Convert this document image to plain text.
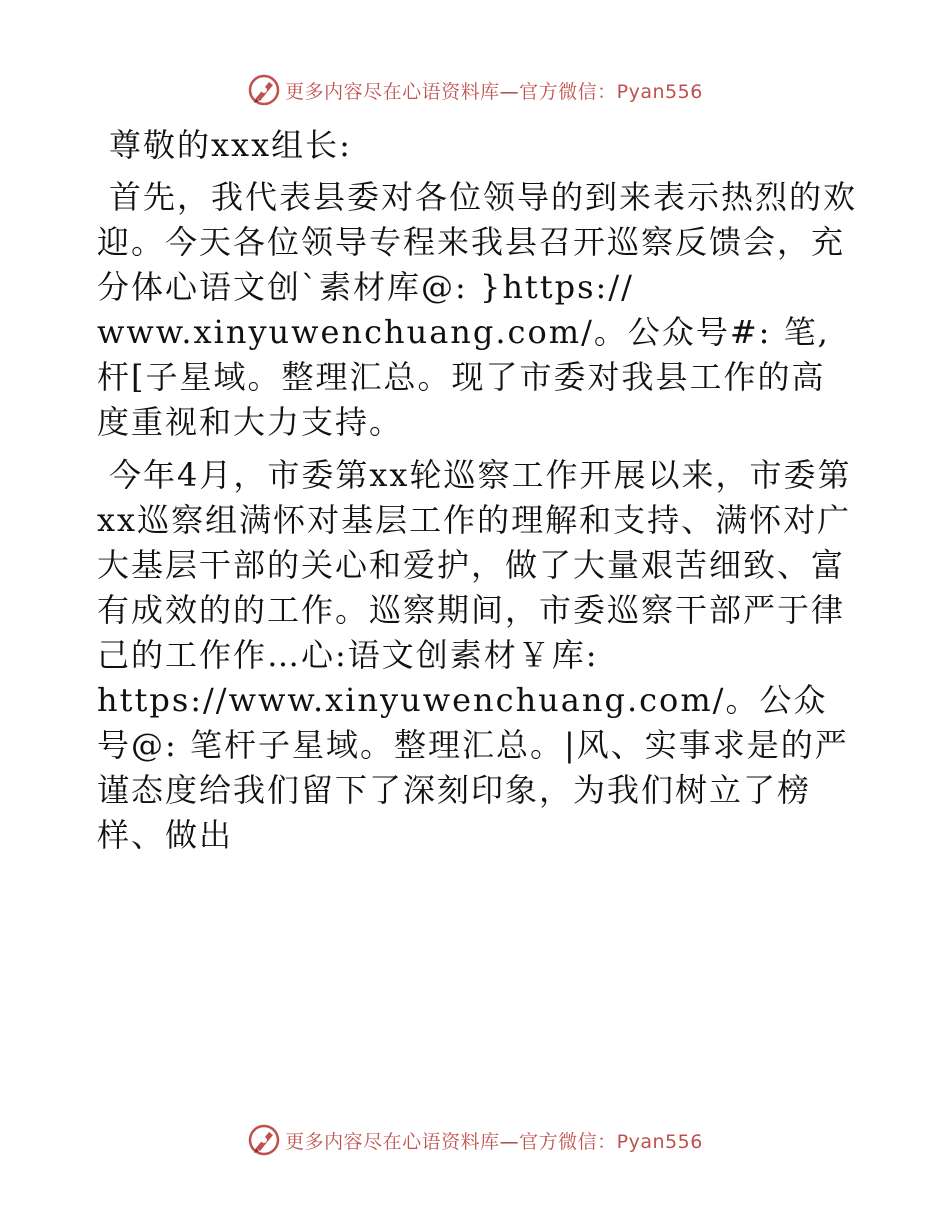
更多内容尽在心语资料库—官方微信：Pyan556

尊敬的xxx组长:

首先，我代表县委对各位领导的到来表示热烈的欢迎。今天各位领导专程来我县召开巡察反馈会，充分体心语文创`素材库@: }https://
www.xinyuwenchuang.com/。公众号#: 笔,杆[子星域。整理汇总。现了市委对我县工作的高度重视和大力支持。

今年4月，市委第xx轮巡察工作开展以来，市委第xx巡察组满怀对基层工作的理解和支持、满怀对广大基层干部的关心和爱护，做了大量艰苦细致、富有成效的的工作。巡察期间，市委巡察干部严于律己的工作作…心:语文创素材￥库:
https://www.xinyuwenchuang.com/。公众号@: 笔杆子星域。整理汇总。|风、实事求是的严谨态度给我们留下了深刻印象，为我们树立了榜样、做出

更多内容尽在心语资料库—官方微信：Pyan556
